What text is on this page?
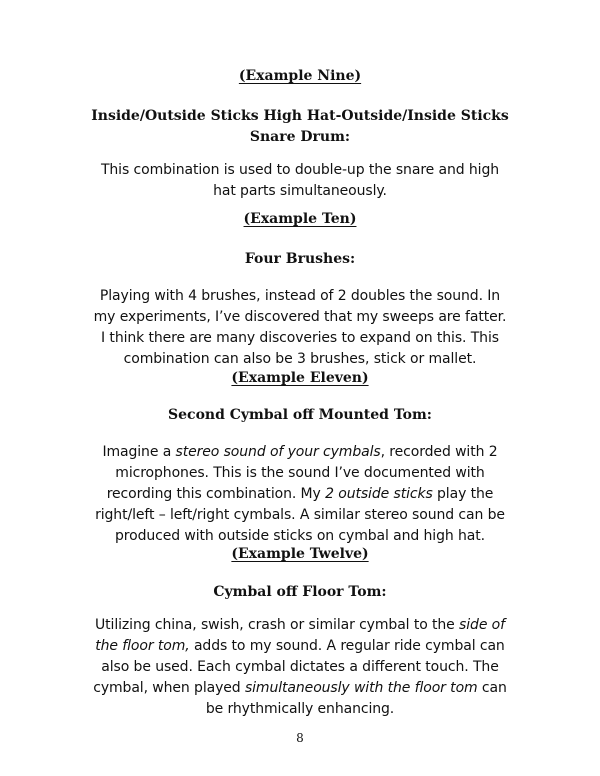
(Example Nine)
Inside/Outside Sticks High Hat-Outside/Inside Sticks
Snare Drum:
This combination is used to double-up the snare and high
hat parts simultaneously.
(Example Ten)
Four Brushes:
Playing with 4 brushes, instead of 2 doubles the sound. In
my experiments, I’ve discovered that my sweeps are fatter.
I think there are many discoveries to expand on this. This
combination can also be 3 brushes, stick or mallet.
(Example Eleven)
Second Cymbal off Mounted Tom:
Imagine a stereo sound of your cymbals, recorded with 2
microphones. This is the sound I’ve documented with
recording this combination. My 2 outside sticks play the
right/left – left/right cymbals. A similar stereo sound can be
produced with outside sticks on cymbal and high hat.
(Example Twelve)
Cymbal off Floor Tom:
Utilizing china, swish, crash or similar cymbal to the side of
the floor tom, adds to my sound. A regular ride cymbal can
also be used. Each cymbal dictates a different touch. The
cymbal, when played simultaneously with the floor tom can
be rhythmically enhancing.
8
